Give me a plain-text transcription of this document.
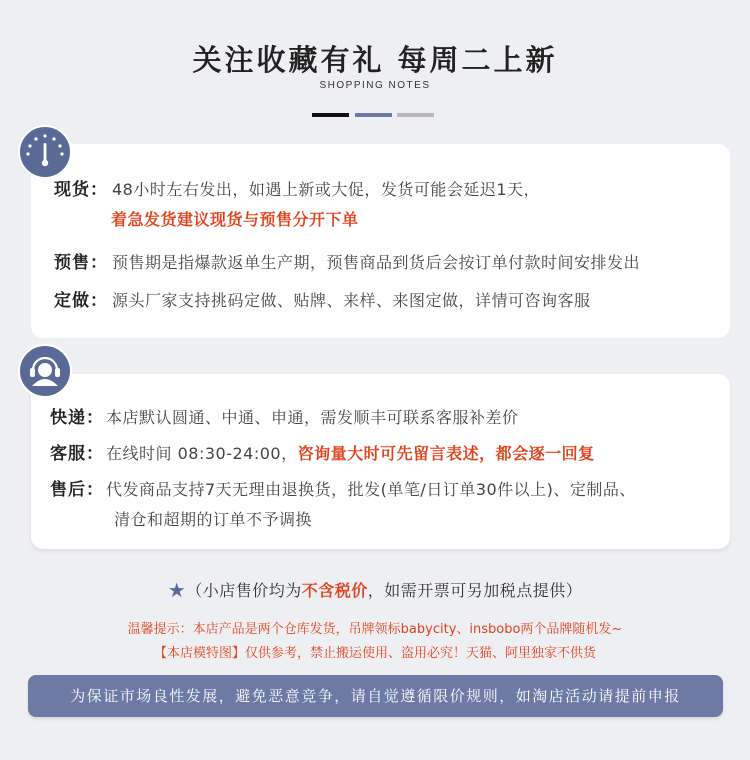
关注收藏有礼 每周二上新
SHOPPING NOTES
现货： 48小时左右发出，如遇上新或大促，发货可能会延迟1天，
着急发货建议现货与预售分开下单
预售： 预售期是指爆款返单生产期，预售商品到货后会按订单付款时间安排发出
定做： 源头厂家支持挑码定做、贴牌、来样、来图定做，详情可咨询客服
快递： 本店默认圆通、中通、申通，需发顺丰可联系客服补差价
客服： 在线时间 08:30-24:00，咨询量大时可先留言表述，都会逐一回复
售后： 代发商品支持7天无理由退换货，批发(单笔/日订单30件以上)、定制品、
清仓和超期的订单不予调换
★（小店售价均为不含税价，如需开票可另加税点提供）
温馨提示：本店产品是两个仓库发货，吊牌领标babycity、insbobo两个品牌随机发~
【本店模特图】仅供参考，禁止搬运使用、盗用必究！天猫、阿里独家不供货
为保证市场良性发展，避免恶意竞争，请自觉遵循限价规则，如淘店活动请提前申报
